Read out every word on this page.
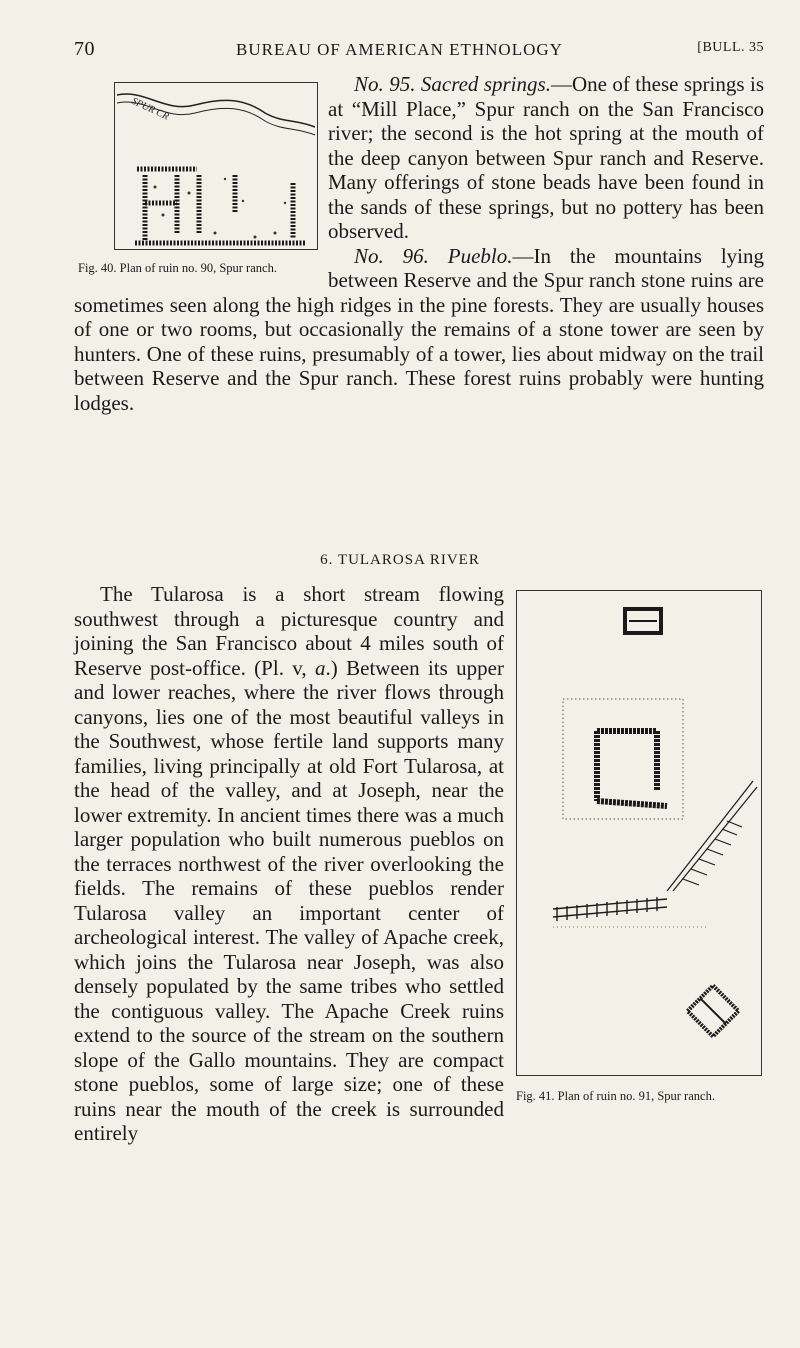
70	BUREAU OF AMERICAN ETHNOLOGY	[BULL. 35
SPUR CR
Fig. 40. Plan of ruin no. 90, Spur ranch.
No. 95. Sacred springs.—One of these springs is at “Mill Place,” Spur ranch on the San Francisco river; the second is the hot spring at the mouth of the deep canyon between Spur ranch and Reserve. Many offerings of stone beads have been found in the sands of these springs, but no pottery has been observed.
No. 96. Pueblo.—In the mountains lying between Reserve and the Spur ranch stone ruins are sometimes seen along the high ridges in the pine forests. They are usually houses of one or two rooms, but occasionally the remains of a stone tower are seen by hunters. One of these ruins, presumably of a tower, lies about midway on the trail between Reserve and the Spur ranch. These forest ruins probably were hunting lodges.
6. TULAROSA RIVER
Fig. 41. Plan of ruin no. 91, Spur ranch.
The Tularosa is a short stream flowing southwest through a picturesque country and joining the San Francisco about 4 miles south of Reserve post-office. (Pl. v, a.) Between its upper and lower reaches, where the river flows through canyons, lies one of the most beautiful valleys in the Southwest, whose fertile land supports many families, living principally at old Fort Tularosa, at the head of the valley, and at Joseph, near the lower extremity. In ancient times there was a much larger population who built numerous pueblos on the terraces northwest of the river overlooking the fields. The remains of these pueblos render Tularosa valley an important center of archeological interest. The valley of Apache creek, which joins the Tularosa near Joseph, was also densely populated by the same tribes who settled the contiguous valley. The Apache Creek ruins extend to the source of the stream on the southern slope of the Gallo mountains. They are compact stone pueblos, some of large size; one of these ruins near the mouth of the creek is surrounded entirely
